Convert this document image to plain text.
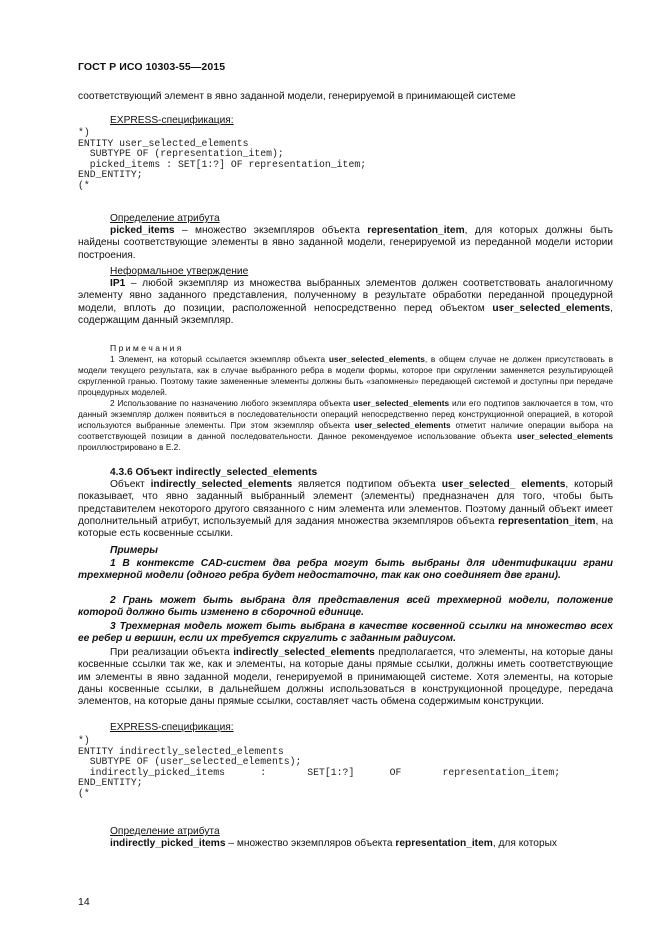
ГОСТ Р ИСО 10303-55—2015
соответствующий элемент в явно заданной модели, генерируемой в принимающей системе
EXPRESS-спецификация:
*)
ENTITY user_selected_elements
SUBTYPE OF (representation_item);
picked_items : SET[1:?] OF representation_item;
END_ENTITY;
(*
Определение атрибута

picked_items – множество экземпляров объекта representation_item, для которых должны быть найдены соответствующие элементы в явно заданной модели, генерируемой из переданной модели истории построения.

Неформальное утверждение

IP1 – любой экземпляр из множества выбранных элементов должен соответствовать аналогичному элементу явно заданного представления, полученному в результате обработки переданной процедурной модели, вплоть до позиции, расположенной непосредственно перед объектом user_selected_elements, содержащим данный экземпляр.

П р и м е ч а н и я

1 Элемент, на который ссылается экземпляр объекта user_selected_elements, в общем случае не должен присутствовать в модели текущего результата, как в случае выбранного ребра в модели формы, которое при скруглении заменяется результирующей скругленной гранью. Поэтому такие замененные элементы должны быть «запомнены» передающей системой и доступны при передаче процедурных моделей.

2 Использование по назначению любого экземпляра объекта user_selected_elements или его подтипов заключается в том, что данный экземпляр должен появиться в последовательности операций непосредственно перед конструкционной операцией, в которой используются выбранные элементы. При этом экземпляр объекта user_selected_elements отметит наличие операции выбора на соответствующей позиции в данной последовательности. Данное рекомендуемое использование объекта user_selected_elements проиллюстрировано в Е.2.

4.3.6 Объект indirectly_selected_elements

Объект indirectly_selected_elements является подтипом объекта user_selected_ elements, который показывает, что явно заданный выбранный элемент (элементы) предназначен для того, чтобы быть представителем некоторого другого связанного с ним элемента или элементов. Поэтому данный объект имеет дополнительный атрибут, используемый для задания множества экземпляров объекта representation_item, на которые есть косвенные ссылки.

Примеры

1 В контексте CAD-систем два ребра могут быть выбраны для идентификации грани трехмерной модели (одного ребра будет недостаточно, так как оно соединяет две грани).

2 Грань может быть выбрана для представления всей трехмерной модели, положение которой должно быть изменено в сборочной единице.

3 Трехмерная модель может быть выбрана в качестве косвенной ссылки на множество всех ее ребер и вершин, если их требуется скруглить с заданным радиусом.

При реализации объекта indirectly_selected_elements предполагается, что элементы, на которые даны косвенные ссылки так же, как и элементы, на которые даны прямые ссылки, должны иметь соответствующие им элементы в явно заданной модели, генерируемой в принимающей системе. Хотя элементы, на которые даны косвенные ссылки, в дальнейшем должны использоваться в конструкционной процедуре, передача элементов, на которые даны прямые ссылки, составляет часть обмена содержимым конструкции.

EXPRESS-спецификация:
*)
ENTITY indirectly_selected_elements
SUBTYPE OF (user_selected_elements);
indirectly_picked_items      :       SET[1:?]      OF       representation_item;
END_ENTITY;
(*
Определение атрибута

indirectly_picked_items – множество экземпляров объекта representation_item, для которых

14
